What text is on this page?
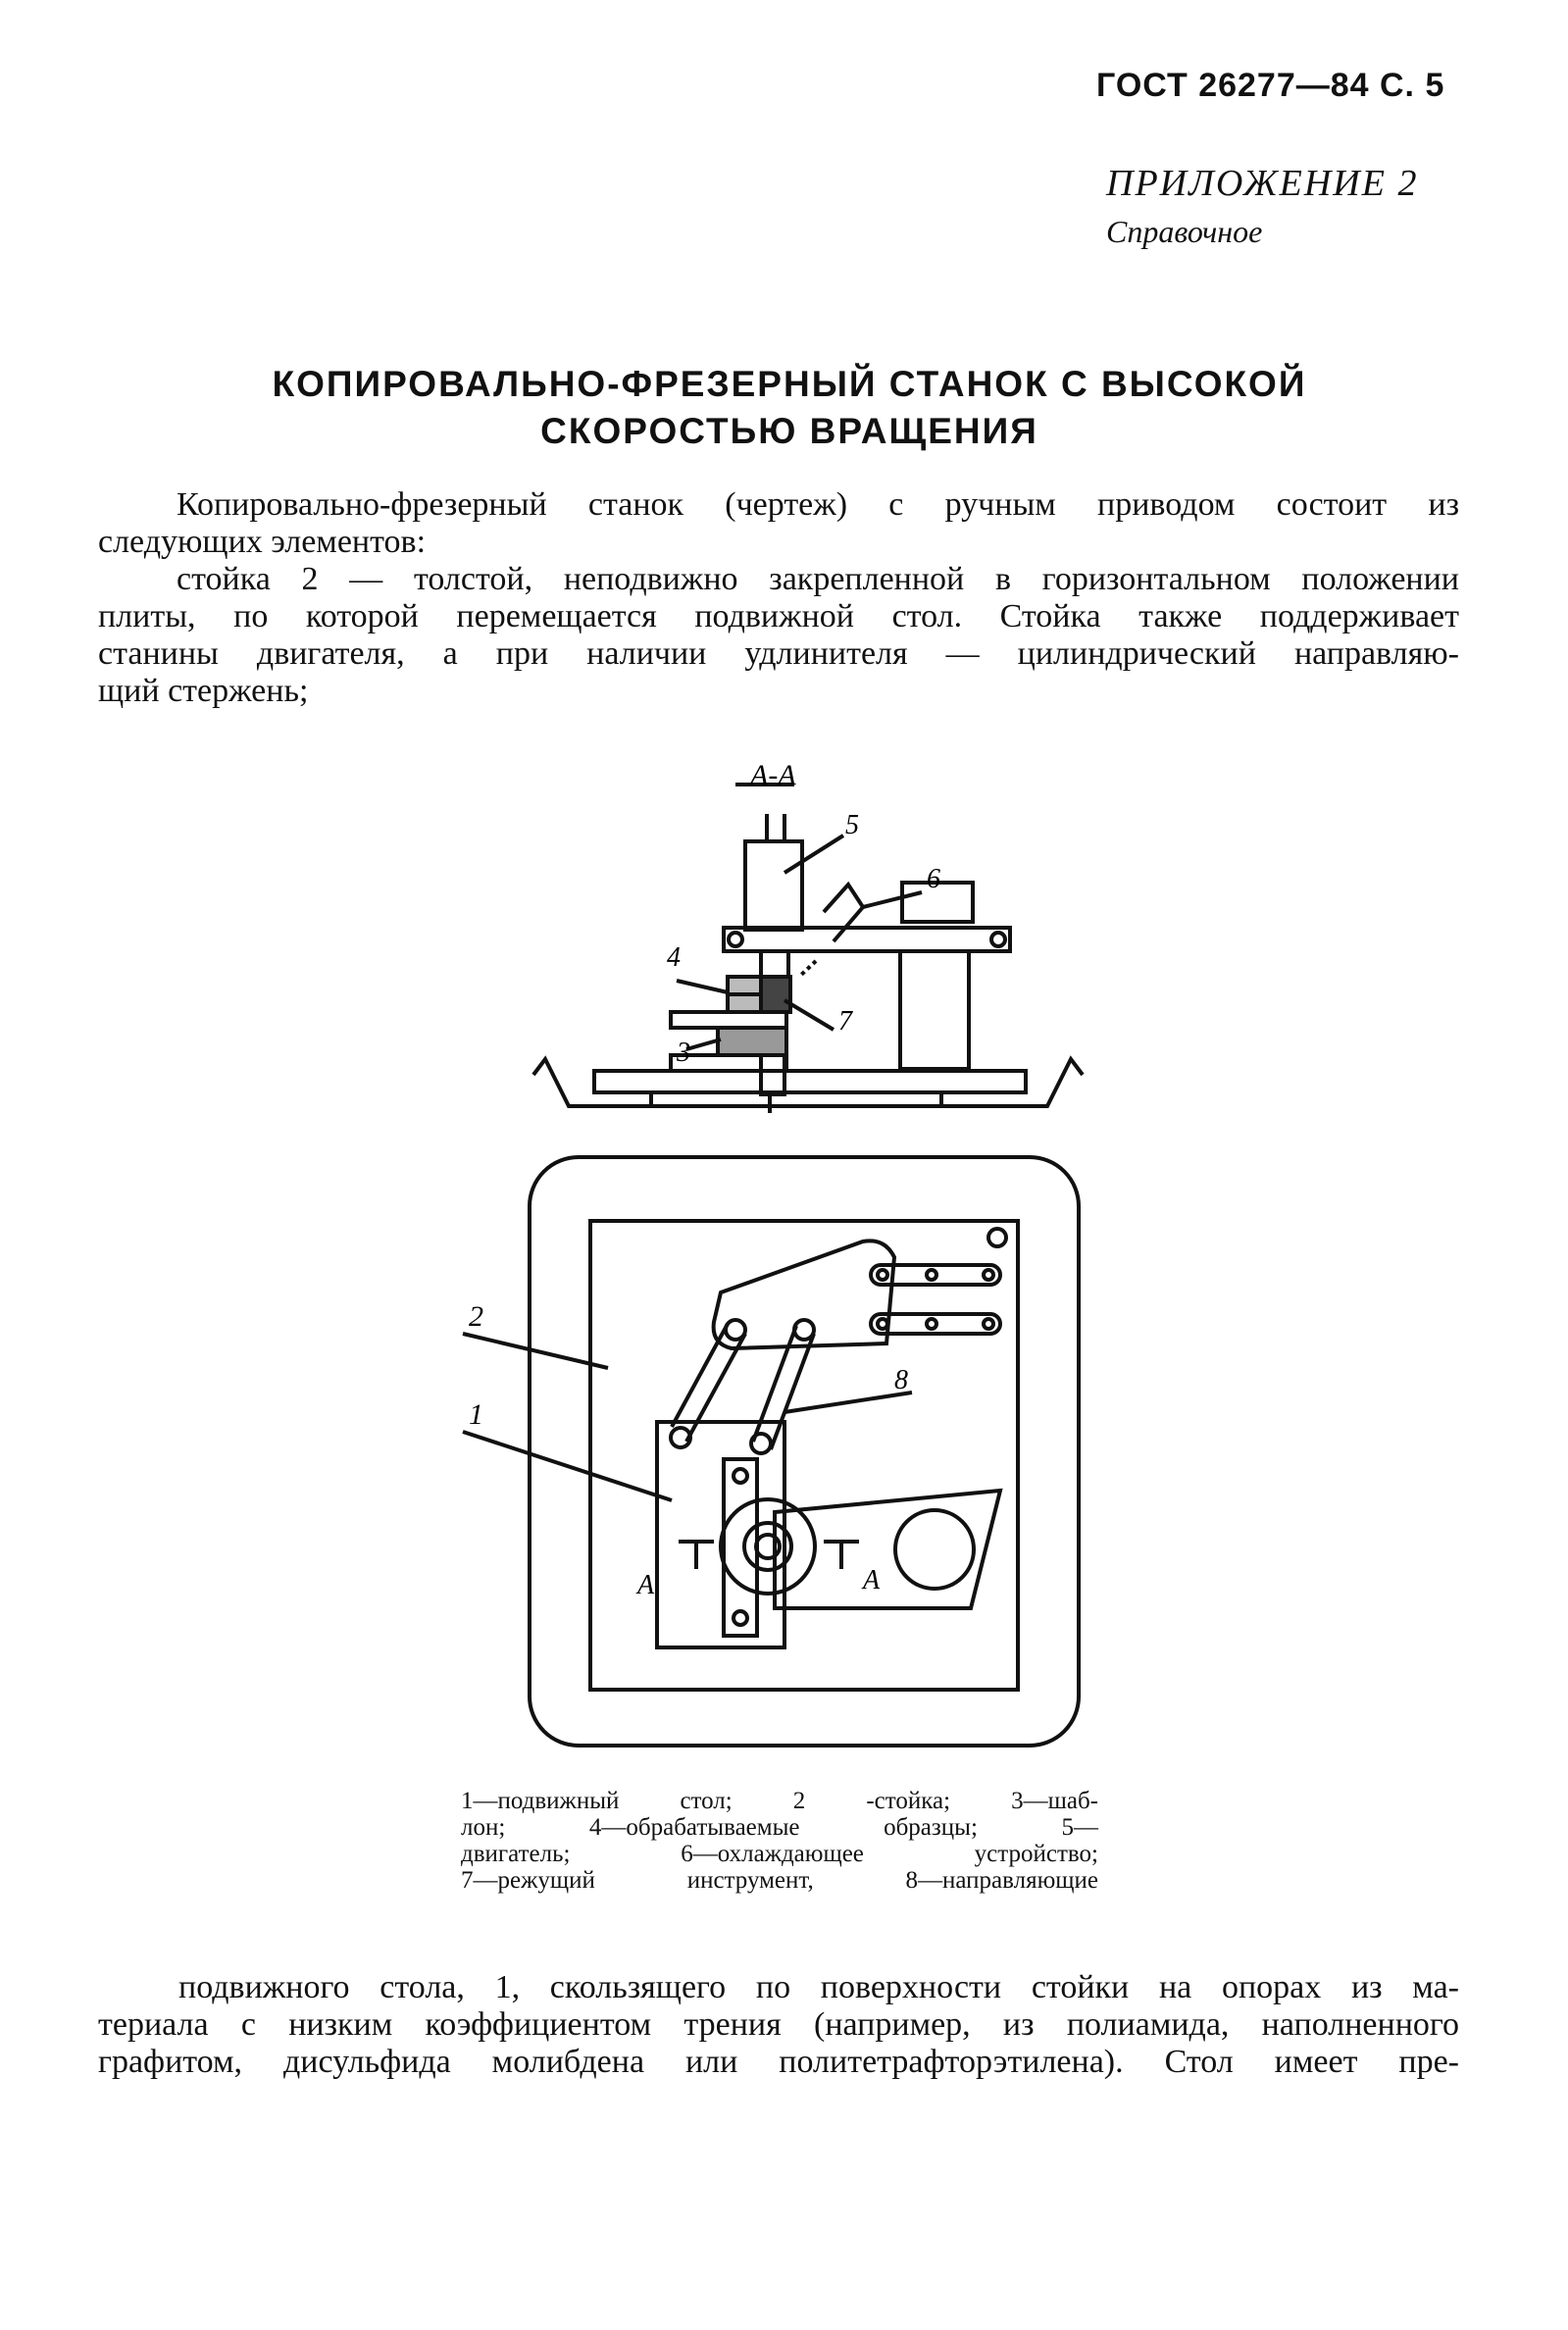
ГОСТ 26277—84 С. 5
ПРИЛОЖЕНИЕ 2
Справочное
КОПИРОВАЛЬНО-ФРЕЗЕРНЫЙ СТАНОК С ВЫСОКОЙ
СКОРОСТЬЮ ВРАЩЕНИЯ
Копировально-фрезерный станок (чертеж) с ручным приводом состоит из
следующих элементов:
стойка 2 — толстой, неподвижно закрепленной в горизонтальном положении
плиты, по которой перемещается подвижной стол. Стойка также поддерживает
станины двигателя, а при наличии удлинителя — цилиндрический направляю-
щий стержень;
А-А
5
6
4
7
3
2
1
8
А	А
1—подвижный стол; 2 -стойка; 3—шаб-
лон; 4—обрабатываемые образцы; 5—
двигатель; 6—охлаждающее устройство;
7—режущий инструмент, 8—направляющие
подвижного стола, 1, скользящего по поверхности стойки на опорах из ма-
териала с низким коэффициентом трения (например, из полиамида, наполненного
графитом, дисульфида молибдена или политетрафторэтилена). Стол имеет пре-
